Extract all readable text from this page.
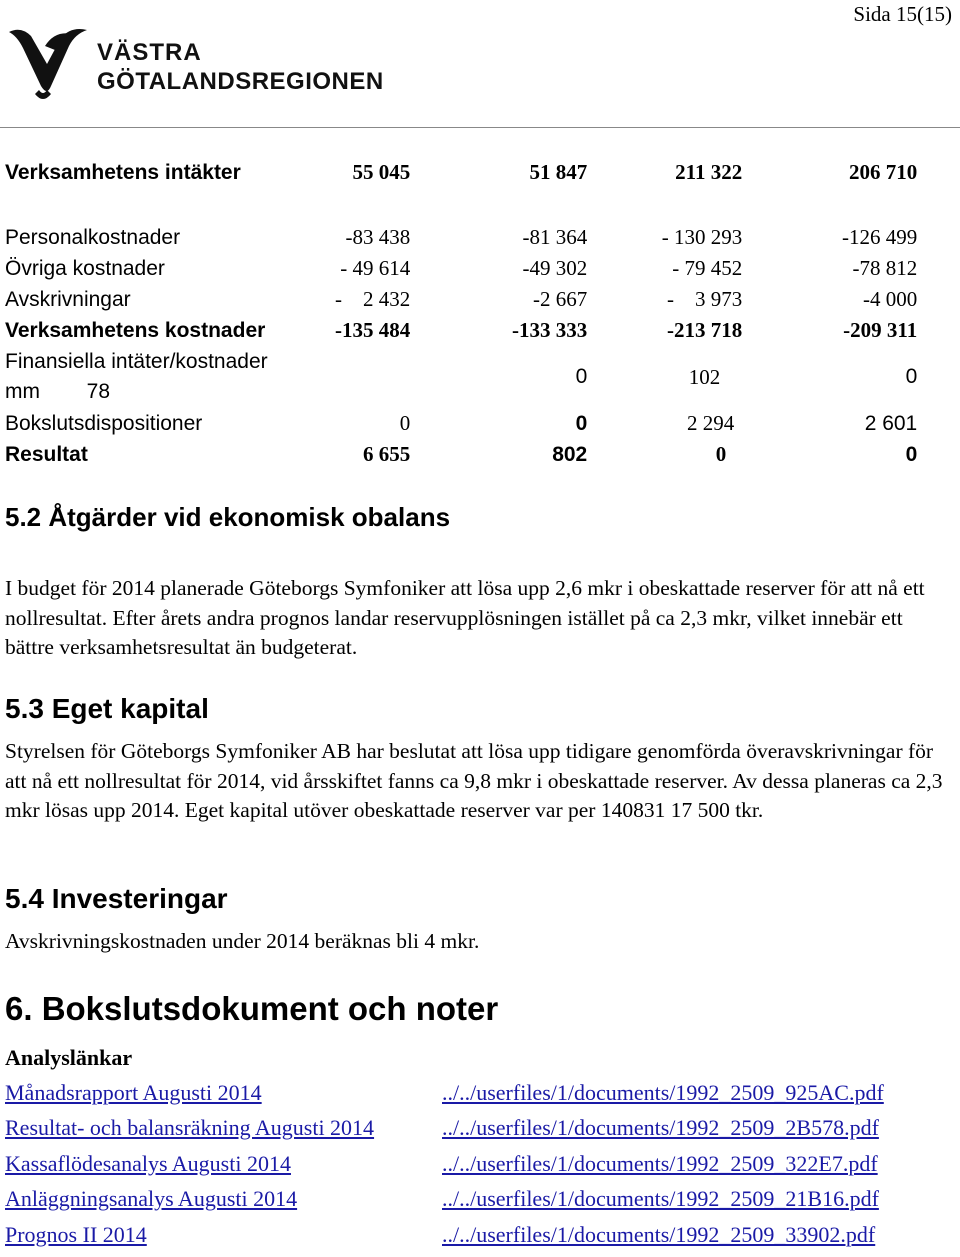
Sida 15(15)
VÄSTRA
GÖTALANDSREGIONEN
Verksamhetens intäkter	55 045	51 847	211 322	206 710

Personalkostnader	-83 438	-81 364	- 130 293	-126 499
Övriga kostnader	- 49 614	-49 302	- 79 452	-78 812
Avskrivningar	-    2 432	-2 667	-    3 973	-4 000
Verksamhetens kostnader	-135 484	-133 333	-213 718	-209 311

Finansiella intäter/kostnader
mm        78		0	102	0
Bokslutsdispositioner	0	0	2 294	2 601
Resultat	6 655	802	0	0
5.2 Åtgärder vid ekonomisk obalans

I budget för 2014 planerade Göteborgs Symfoniker att lösa upp 2,6 mkr i obeskattade reserver för att nå ett nollresultat. Efter årets andra prognos landar reservupplösningen istället på ca 2,3 mkr, vilket innebär ett bättre verksamhetsresultat än budgeterat.

5.3 Eget kapital

Styrelsen för Göteborgs Symfoniker AB har beslutat att lösa upp tidigare genomförda överavskrivningar för att nå ett nollresultat för 2014, vid årsskiftet fanns ca 9,8 mkr i obeskattade reserver. Av dessa planeras ca 2,3 mkr lösas upp 2014. Eget kapital utöver obeskattade reserver var per 140831 17 500 tkr.

5.4 Investeringar

Avskrivningskostnaden under 2014 beräknas bli 4 mkr.

6. Bokslutsdokument och noter
Analyslänkar
Månadsrapport Augusti 2014	../../userfiles/1/documents/1992_2509_925AC.pdf
Resultat- och balansräkning Augusti 2014	../../userfiles/1/documents/1992_2509_2B578.pdf
Kassaflödesanalys Augusti 2014	../../userfiles/1/documents/1992_2509_322E7.pdf
Anläggningsanalys Augusti 2014	../../userfiles/1/documents/1992_2509_21B16.pdf
Prognos II 2014	../../userfiles/1/documents/1992_2509_33902.pdf
